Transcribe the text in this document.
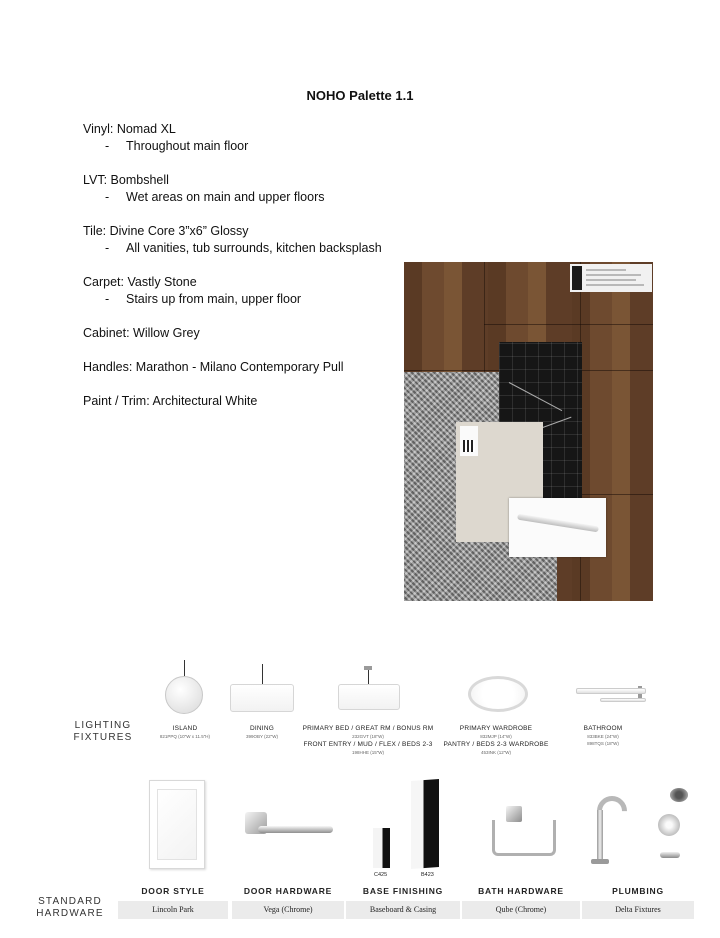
NOHO Palette 1.1
Vinyl: Nomad XL
- Throughout main floor
LVT: Bombshell
- Wet areas on main and upper floors
Tile: Divine Core 3”x6” Glossy
- All vanities, tub surrounds, kitchen backsplash
Carpet: Vastly Stone
- Stairs up from main, upper floor
Cabinet: Willow Grey
Handles: Marathon - Milano Contemporary Pull
Paint / Trim: Architectural White
LIGHTING
FIXTURES
ISLAND
821PPQ (10"W x 11.5"H)
DINING
399OBY (22"W)
PRIMARY BED / GREAT RM / BONUS RM
232GVT (18"W)
FRONT ENTRY / MUD / FLEX / BEDS 2-3
198HHE (15"W)
PRIMARY WARDROBE
832MJP (14"W)
PANTRY / BEDS 2-3 WARDROBE
453INK (12"W)
BATHROOM
833BKE (24"W)
898TQS (18"W)
C425	B423
STANDARD
HARDWARE
DOOR STYLE	DOOR HARDWARE	BASE FINISHING	BATH HARDWARE	PLUMBING
Lincoln Park	Vega (Chrome)	Baseboard & Casing	Qube (Chrome)	Delta Fixtures
